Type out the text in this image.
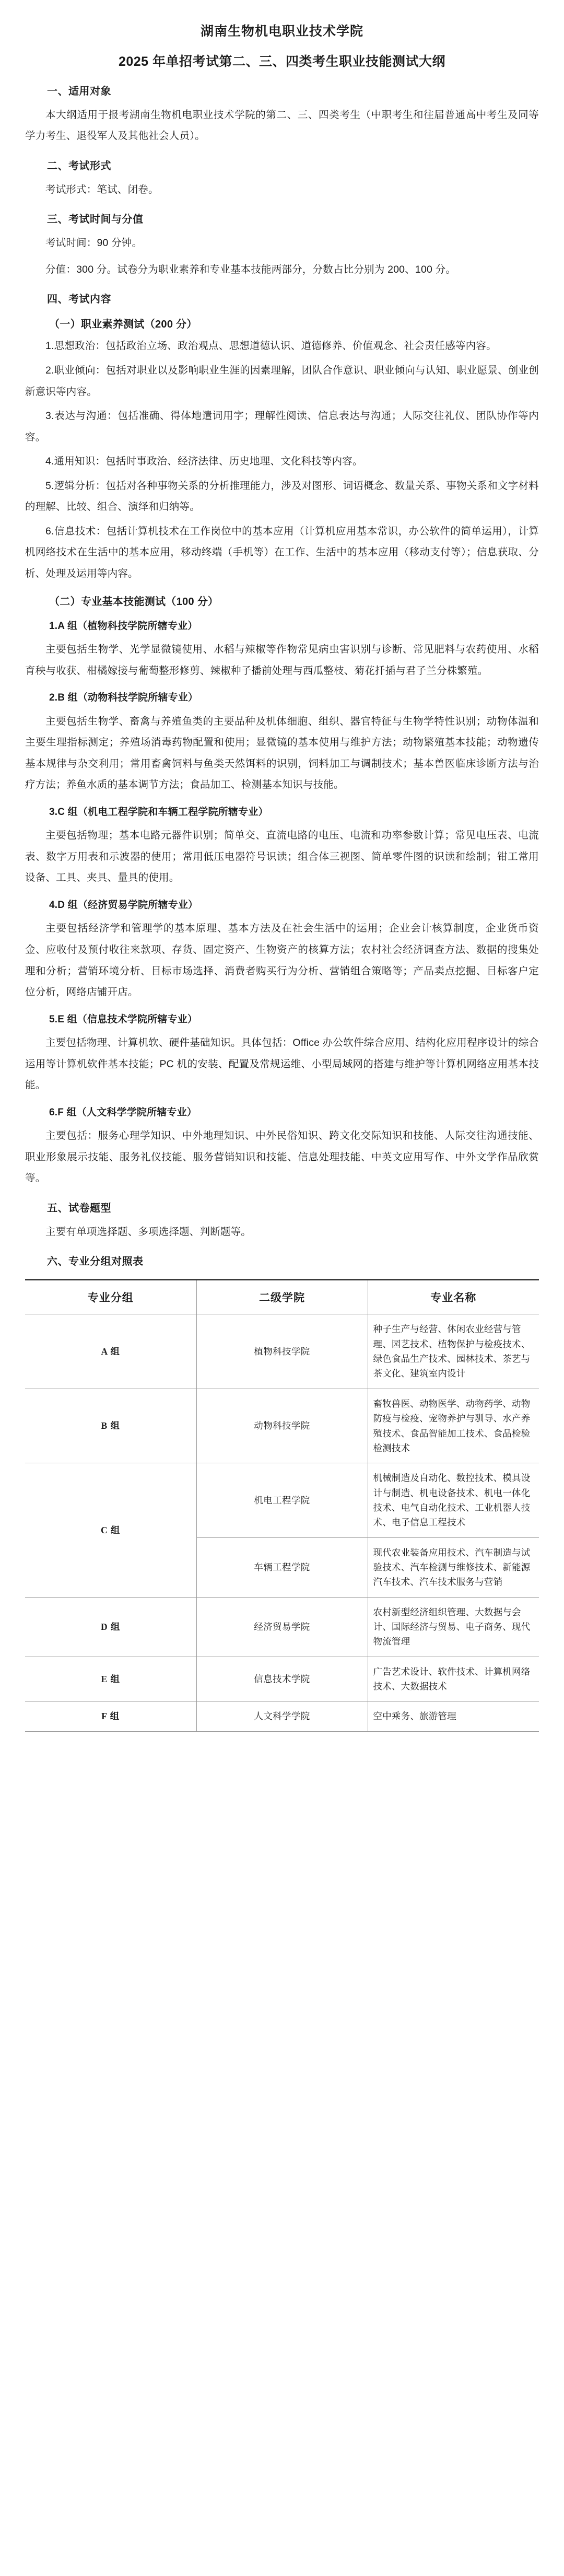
湖南生物机电职业技术学院
2025 年单招考试第二、三、四类考生职业技能测试大纲
一、适用对象

本大纲适用于报考湖南生物机电职业技术学院的第二、三、四类考生（中职考生和往届普通高中考生及同等学力考生、退役军人及其他社会人员）。

二、考试形式

考试形式：笔试、闭卷。

三、考试时间与分值

考试时间：90 分钟。

分值：300 分。试卷分为职业素养和专业基本技能两部分，分数占比分别为 200、100 分。

四、考试内容
（一）职业素养测试（200 分）

1.思想政治：包括政治立场、政治观点、思想道德认识、道德修养、价值观念、社会责任感等内容。

2.职业倾向：包括对职业以及影响职业生涯的因素理解，团队合作意识、职业倾向与认知、职业愿景、创业创新意识等内容。

3.表达与沟通：包括准确、得体地遣词用字；理解性阅读、信息表达与沟通；人际交往礼仪、团队协作等内容。

4.通用知识：包括时事政治、经济法律、历史地理、文化科技等内容。

5.逻辑分析：包括对各种事物关系的分析推理能力，涉及对图形、词语概念、数量关系、事物关系和文字材料的理解、比较、组合、演绎和归纳等。

6.信息技术：包括计算机技术在工作岗位中的基本应用（计算机应用基本常识，办公软件的简单运用），计算机网络技术在生活中的基本应用，移动终端（手机等）在工作、生活中的基本应用（移动支付等）；信息获取、分析、处理及运用等内容。

（二）专业基本技能测试（100 分）
1.A 组（植物科技学院所辖专业）

主要包括生物学、光学显微镜使用、水稻与辣椒等作物常见病虫害识别与诊断、常见肥料与农药使用、水稻育秧与收获、柑橘嫁接与葡萄整形修剪、辣椒种子播前处理与西瓜整枝、菊花扦插与君子兰分株繁殖。

2.B 组（动物科技学院所辖专业）

主要包括生物学、畜禽与养殖鱼类的主要品种及机体细胞、组织、器官特征与生物学特性识别；动物体温和主要生理指标测定；养殖场消毒药物配置和使用；显微镜的基本使用与维护方法；动物繁殖基本技能；动物遗传基本规律与杂交利用；常用畜禽饲料与鱼类天然饵料的识别，饲料加工与调制技术；基本兽医临床诊断方法与治疗方法；养鱼水质的基本调节方法；食品加工、检测基本知识与技能。

3.C 组（机电工程学院和车辆工程学院所辖专业）

主要包括物理；基本电路元器件识别；简单交、直流电路的电压、电流和功率参数计算；常见电压表、电流表、数字万用表和示波器的使用；常用低压电器符号识读；组合体三视图、简单零件图的识读和绘制；钳工常用设备、工具、夹具、量具的使用。

4.D 组（经济贸易学院所辖专业）

主要包括经济学和管理学的基本原理、基本方法及在社会生活中的运用；企业会计核算制度，企业货币资金、应收付及预付收往来款项、存货、固定资产、生物资产的核算方法；农村社会经济调查方法、数据的搜集处理和分析；营销环境分析、目标市场选择、消费者购买行为分析、营销组合策略等；产品卖点挖掘、目标客户定位分析，网络店铺开店。

5.E 组（信息技术学院所辖专业）

主要包括物理、计算机软、硬件基础知识。具体包括：Office 办公软件综合应用、结构化应用程序设计的综合运用等计算机软件基本技能；PC 机的安装、配置及常规运维、小型局域网的搭建与维护等计算机网络应用基本技能。

6.F 组（人文科学学院所辖专业）

主要包括：服务心理学知识、中外地理知识、中外民俗知识、跨文化交际知识和技能、人际交往沟通技能、职业形象展示技能、服务礼仪技能、服务营销知识和技能、信息处理技能、中英文应用写作、中外文学作品欣赏等。

五、试卷题型

主要有单项选择题、多项选择题、判断题等。

六、专业分组对照表
专业分组	二级学院	专业名称
A 组	植物科技学院	种子生产与经营、休闲农业经营与管理、园艺技术、植物保护与检疫技术、绿色食品生产技术、园林技术、茶艺与茶文化、建筑室内设计
B 组	动物科技学院	畜牧兽医、动物医学、动物药学、动物防疫与检疫、宠物养护与驯导、水产养殖技术、食品智能加工技术、食品检验检测技术
C 组	机电工程学院	机械制造及自动化、数控技术、模具设计与制造、机电设备技术、机电一体化技术、电气自动化技术、工业机器人技术、电子信息工程技术
	车辆工程学院	现代农业装备应用技术、汽车制造与试验技术、汽车检测与维修技术、新能源汽车技术、汽车技术服务与营销
D 组	经济贸易学院	农村新型经济组织管理、大数据与会计、国际经济与贸易、电子商务、现代物流管理
E 组	信息技术学院	广告艺术设计、软件技术、计算机网络技术、大数据技术
F 组	人文科学学院	空中乘务、旅游管理
